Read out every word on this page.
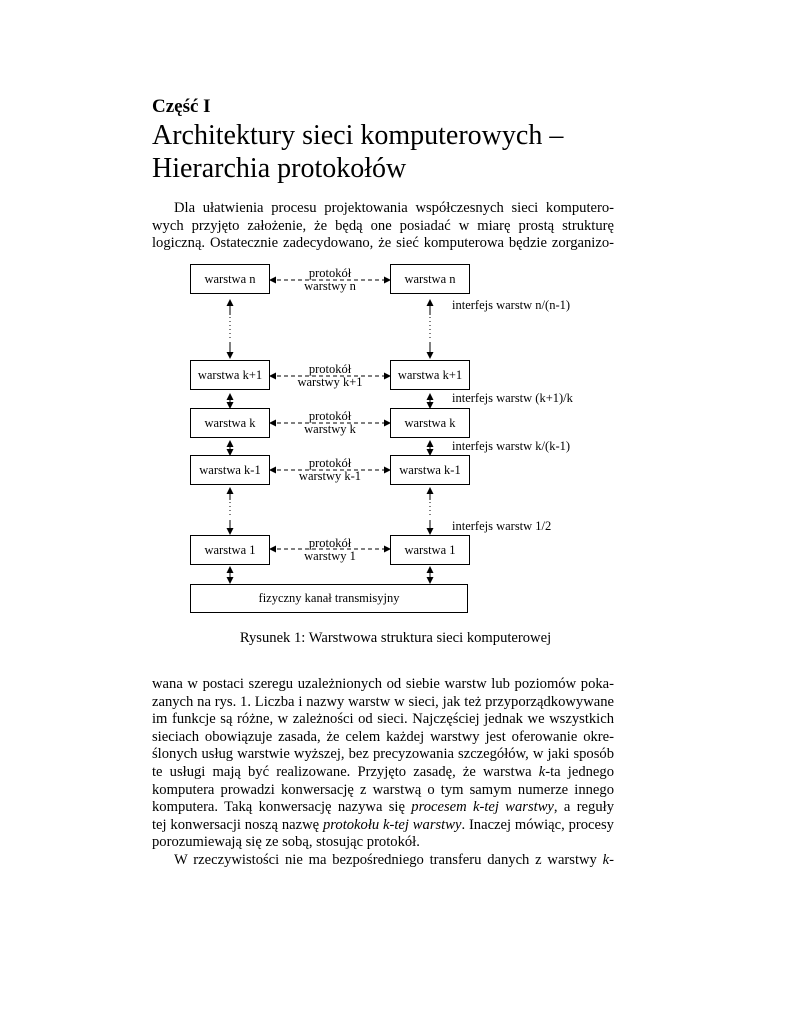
Część I
Architektury sieci komputerowych –
Hierarchia protokołów
Dla ułatwienia procesu projektowania współczesnych sieci komputero-
wych przyjęto założenie, że będą one posiadać w miarę prostą strukturę
logiczną. Ostatecznie zadecydowano, że sieć komputerowa będzie zorganizo-
warstwa n
warstwa k+1
warstwa k
warstwa k-1
warstwa 1
warstwa n
warstwa k+1
warstwa k
warstwa k-1
warstwa 1
fizyczny kanał transmisyjny
protokół
warstwy n
protokół
warstwy k+1
protokół
warstwy k
protokół
warstwy k-1
protokół
warstwy 1
interfejs warstw n/(n-1)
interfejs warstw (k+1)/k
interfejs warstw k/(k-1)
interfejs warstw 1/2
Rysunek 1: Warstwowa struktura sieci komputerowej
wana w postaci szeregu uzależnionych od siebie warstw lub poziomów poka-
zanych na rys. 1. Liczba i nazwy warstw w sieci, jak też przyporządkowywane
im funkcje są różne, w zależności od sieci. Najczęściej jednak we wszystkich
sieciach obowiązuje zasada, że celem każdej warstwy jest oferowanie okre-
ślonych usług warstwie wyższej, bez precyzowania szczegółów, w jaki sposób
te usługi mają być realizowane. Przyjęto zasadę, że warstwa k-ta jednego
komputera prowadzi konwersację z warstwą o tym samym numerze innego
komputera. Taką konwersację nazywa się procesem k-tej warstwy, a reguły
tej konwersacji noszą nazwę protokołu k-tej warstwy. Inaczej mówiąc, procesy
porozumiewają się ze sobą, stosując protokół.
W rzeczywistości nie ma bezpośredniego transferu danych z warstwy k-
